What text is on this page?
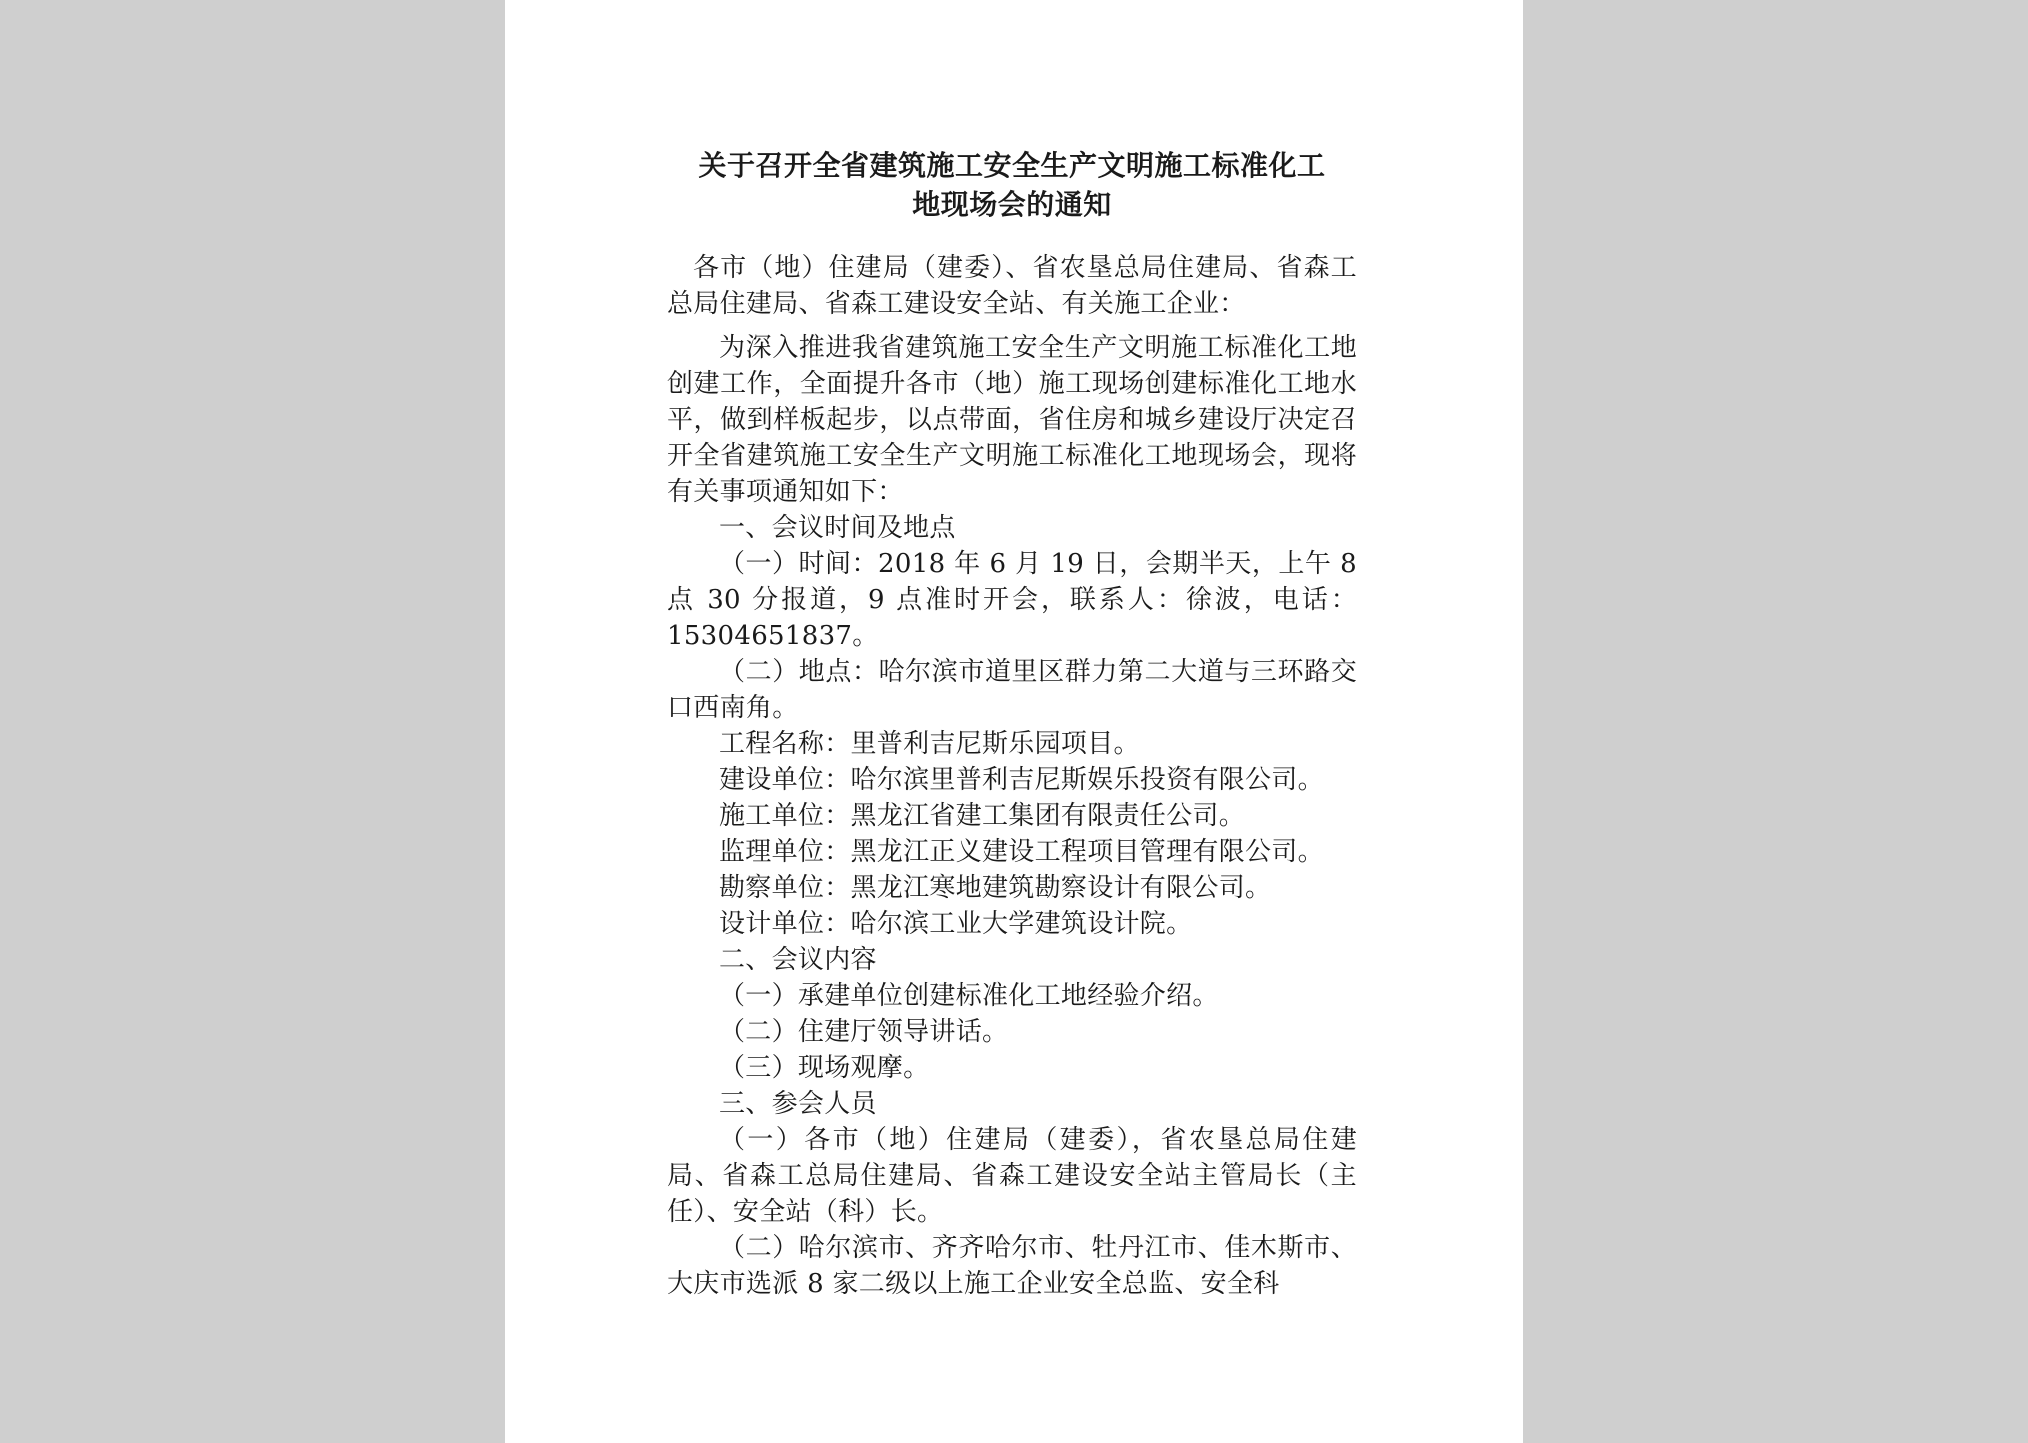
关于召开全省建筑施工安全生产文明施工标准化工
地现场会的通知

各市（地）住建局（建委）、省农垦总局住建局、省森工总局住建局、省森工建设安全站、有关施工企业：

为深入推进我省建筑施工安全生产文明施工标准化工地创建工作，全面提升各市（地）施工现场创建标准化工地水平，做到样板起步，以点带面，省住房和城乡建设厅决定召开全省建筑施工安全生产文明施工标准化工地现场会，现将有关事项通知如下：

一、会议时间及地点

（一）时间：2018 年 6 月 19 日，会期半天，上午 8 点 30 分报道，9 点准时开会，联系人：徐波，电话：15304651837。

（二）地点：哈尔滨市道里区群力第二大道与三环路交口西南角。

工程名称：里普利吉尼斯乐园项目。

建设单位：哈尔滨里普利吉尼斯娱乐投资有限公司。

施工单位：黑龙江省建工集团有限责任公司。

监理单位：黑龙江正义建设工程项目管理有限公司。

勘察单位：黑龙江寒地建筑勘察设计有限公司。

设计单位：哈尔滨工业大学建筑设计院。

二、会议内容

（一）承建单位创建标准化工地经验介绍。

（二）住建厅领导讲话。

（三）现场观摩。

三、参会人员

（一）各市（地）住建局（建委），省农垦总局住建局、省森工总局住建局、省森工建设安全站主管局长（主任）、安全站（科）长。

（二）哈尔滨市、齐齐哈尔市、牡丹江市、佳木斯市、大庆市选派 8 家二级以上施工企业安全总监、安全科
